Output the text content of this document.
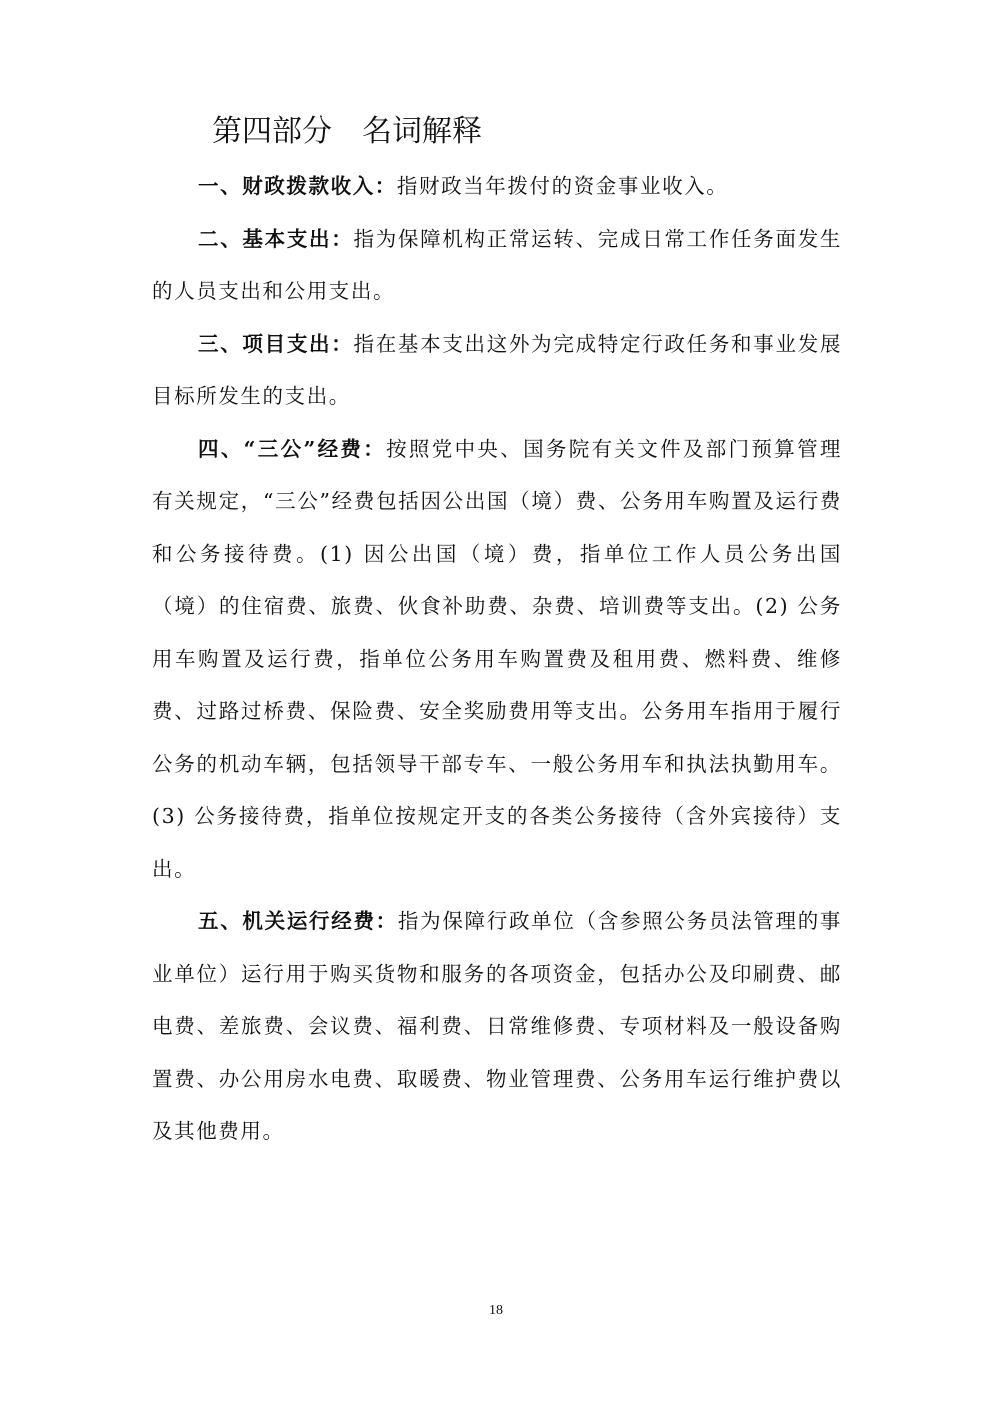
第四部分　名词解释

一、财政拨款收入：指财政当年拨付的资金事业收入。

二、基本支出：指为保障机构正常运转、完成日常工作任务面发生的人员支出和公用支出。

三、项目支出：指在基本支出这外为完成特定行政任务和事业发展目标所发生的支出。

四、“三公”经费：按照党中央、国务院有关文件及部门预算管理有关规定，“三公”经费包括因公出国（境）费、公务用车购置及运行费和公务接待费。(1) 因公出国（境）费，指单位工作人员公务出国（境）的住宿费、旅费、伙食补助费、杂费、培训费等支出。(2) 公务用车购置及运行费，指单位公务用车购置费及租用费、燃料费、维修费、过路过桥费、保险费、安全奖励费用等支出。公务用车指用于履行公务的机动车辆，包括领导干部专车、一般公务用车和执法执勤用车。(3) 公务接待费，指单位按规定开支的各类公务接待（含外宾接待）支出。

五、机关运行经费：指为保障行政单位（含参照公务员法管理的事业单位）运行用于购买货物和服务的各项资金，包括办公及印刷费、邮电费、差旅费、会议费、福利费、日常维修费、专项材料及一般设备购置费、办公用房水电费、取暖费、物业管理费、公务用车运行维护费以及其他费用。

18
